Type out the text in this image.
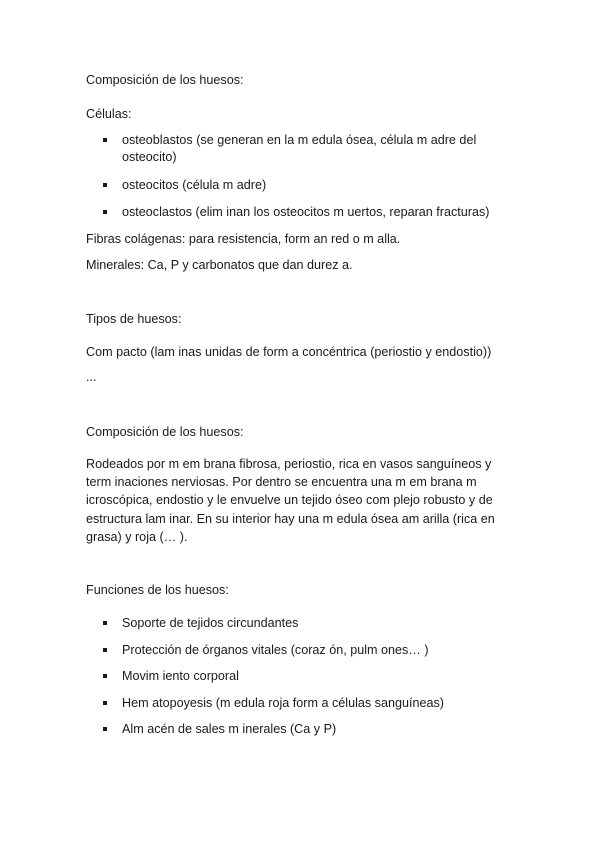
Composición de los huesos:
Células:
osteoblastos (se generan en la m edula ósea, célula m adre del osteocito)
osteocitos (célula m adre)
osteoclastos (elim inan los osteocitos m uertos, reparan fracturas)
Fibras colágenas: para resistencia, form an red o m alla.
Minerales: Ca, P y carbonatos que dan durez a.
Tipos de huesos:
Com pacto (lam inas unidas de form a concéntrica (periostio y endostio))
...
Composición de los huesos:
Rodeados por m em brana fibrosa, periostio, rica en vasos sanguíneos y term inaciones nerviosas. Por dentro se encuentra una m em brana m icroscópica, endostio y le envuelve un tejido óseo com plejo robusto y de estructura lam inar. En su interior hay una m edula ósea am arilla (rica en grasa) y roja (… ).
Funciones de los huesos:
Soporte de tejidos circundantes
Protección de órganos vitales (coraz ón, pulm ones… )
Movim iento corporal
Hem atopoyesis (m edula roja form a células sanguíneas)
Alm acén de sales m inerales (Ca y P)
